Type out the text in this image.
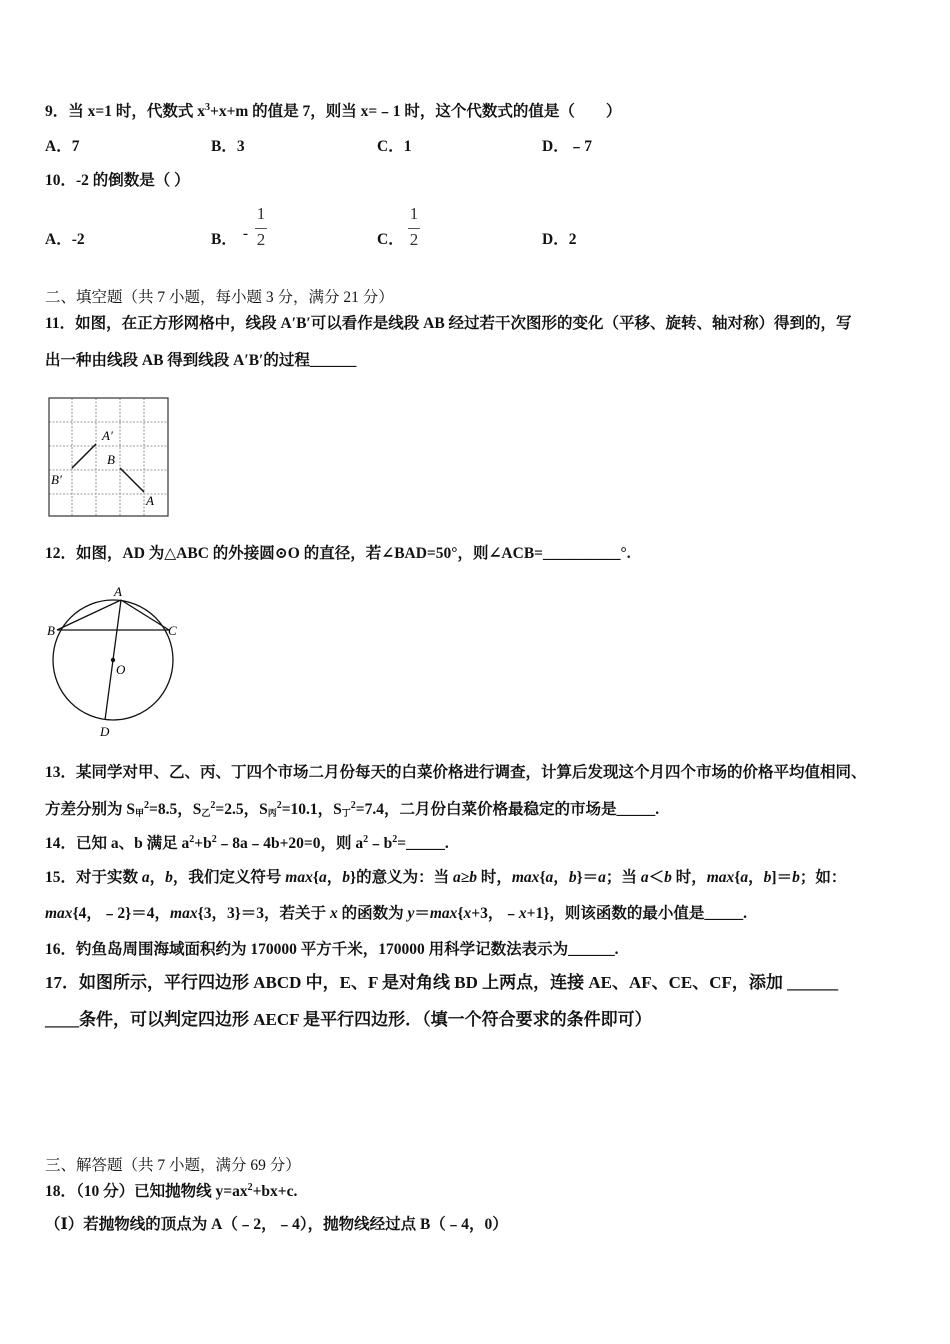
9．当 x=1 时，代数式 $x^3+x+m$ 的值是 7，则当 x=﹣1 时，这个代数式的值是（　　）
A．7	B．3	C．1	D．﹣7
10．-2 的倒数是（ ）
A．-2	B． -
1
2	C．
1
2	D．2
二、填空题（共 7 小题，每小题 3 分，满分 21 分）
11．如图，在正方形网格中，线段 A′B′可以看作是线段 AB 经过若干次图形的变化（平移、旋转、轴对称）得到的，写
出一种由线段 AB 得到线段 A′B′的过程______
A′
B′
B
A
12．如图，AD 为△ABC 的外接圆⊙O 的直径，若∠BAD=50°，则∠ACB=__________°.
A
B	C
O
D
13．某同学对甲、乙、丙、丁四个市场二月份每天的白菜价格进行调查，计算后发现这个月四个市场的价格平均值相同、
方差分别为 $S_甲^2=8.5$，$S_乙^2=2.5$，$S_丙^2=10.1$，$S_丁^2=7.4$，二月份白菜价格最稳定的市场是_____.
14．已知 a、b 满足 $a^2+b^2﹣8a﹣4b+20=0$，则 $a^2﹣b^2=\_\_\_\_\_$.
15．对于实数 a，b，我们定义符号 max{a，b}的意义为：当 a≥b 时，max{a，b}＝a；当 a＜b 时，max{a，b]＝b；如：
max{4，﹣2}＝4，max{3，3}＝3，若关于 x 的函数为 y＝max{x+3，﹣x+1}，则该函数的最小值是_____.
16．钓鱼岛周围海域面积约为 170000 平方千米，170000 用科学记数法表示为______.
17．如图所示，平行四边形 ABCD 中，E、F 是对角线 BD 上两点，连接 AE、AF、CE、CF，添加 ______
____条件，可以判定四边形 AECF 是平行四边形．（填一个符合要求的条件即可）
三、解答题（共 7 小题，满分 69 分）
18．（10 分）已知抛物线 $y=ax^2+bx+c$.
（Ⅰ）若抛物线的顶点为 A（﹣2，﹣4），抛物线经过点 B（﹣4，0）
